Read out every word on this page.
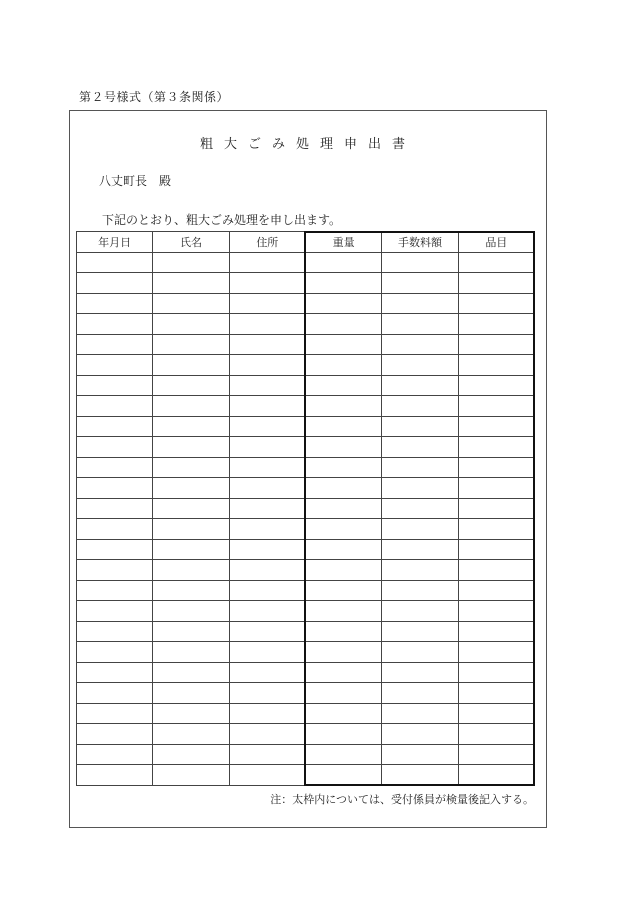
第２号様式（第３条関係）
粗大ごみ処理申出書
八丈町長　殿
下記のとおり、粗大ごみ処理を申し出ます。
年月日	氏名	住所	重量	手数料額	品目

注：太枠内については、受付係員が検量後記入する。
